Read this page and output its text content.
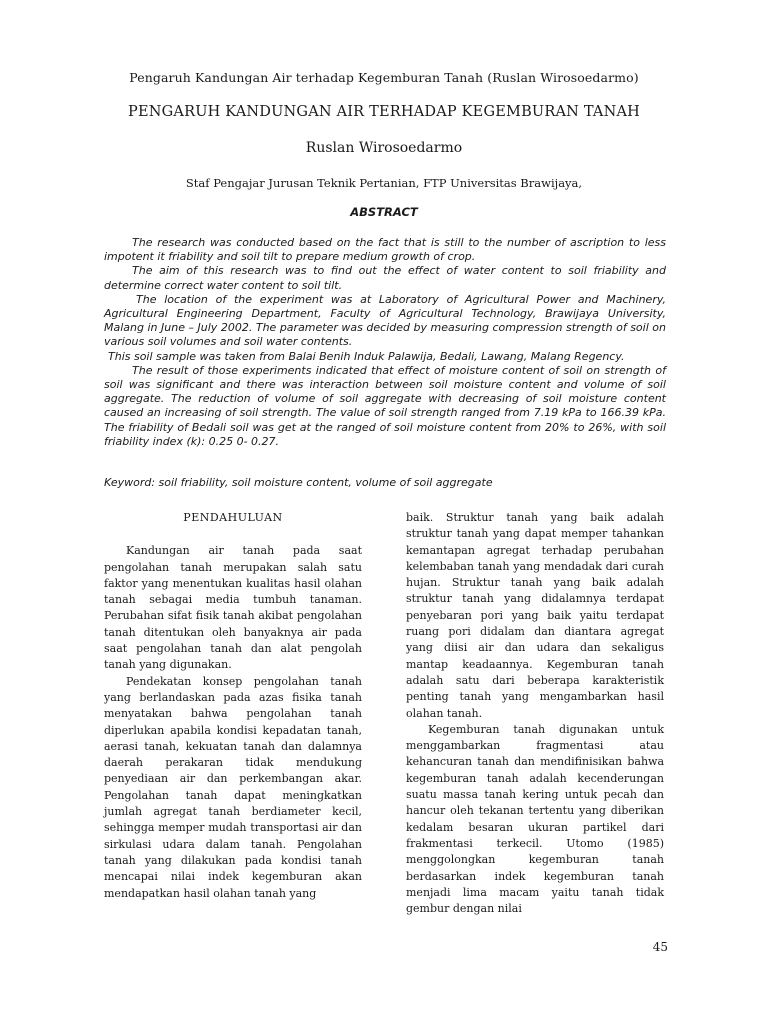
Pengaruh Kandungan Air terhadap Kegemburan Tanah (Ruslan Wirosoedarmo)
PENGARUH KANDUNGAN AIR TERHADAP KEGEMBURAN TANAH
Ruslan Wirosoedarmo
Staf Pengajar Jurusan Teknik Pertanian, FTP Universitas Brawijaya,
ABSTRACT

The research was conducted based on the fact that is still to the number of ascription to less impotent it friability and soil tilt to prepare medium growth of crop.

The aim of this research was to find out the effect of water content to soil friability and determine correct water content to soil tilt.

The location of the experiment was at Laboratory of Agricultural Power and Machinery, Agricultural Engineering Department, Faculty of Agricultural Technology, Brawijaya University, Malang in June – July 2002. The parameter was decided by measuring compression strength of soil on various soil volumes and soil water contents.

This soil sample was taken from Balai Benih Induk Palawija, Bedali, Lawang, Malang Regency.

The result of those experiments indicated that effect of moisture content of soil on strength of soil was significant and there was interaction between soil moisture content and volume of soil aggregate. The reduction of volume of soil aggregate with decreasing of soil moisture content caused an increasing of soil strength. The value of soil strength ranged from 7.19 kPa to 166.39 kPa. The friability of Bedali soil was get at the ranged of soil moisture content from 20% to 26%, with soil friability index (k): 0.25 0- 0.27.

Keyword: soil friability, soil moisture content, volume of soil aggregate

PENDAHULUAN

Kandungan air tanah pada saat pengolahan tanah merupakan salah satu faktor yang menentukan kualitas hasil olahan tanah sebagai media tumbuh tanaman. Perubahan sifat fisik tanah akibat pengolahan tanah ditentukan oleh banyaknya air pada saat pengolahan tanah dan alat pengolah tanah yang digunakan.

Pendekatan konsep pengolahan tanah yang berlandaskan pada azas fisika tanah menyatakan bahwa pengolahan tanah diperlukan apabila kondisi kepadatan tanah, aerasi tanah, kekuatan tanah dan dalamnya daerah perakaran tidak mendukung penyediaan air dan perkembangan akar. Pengolahan tanah dapat meningkatkan jumlah agregat tanah berdiameter kecil, sehingga memper mudah transportasi air dan sirkulasi udara dalam tanah. Pengolahan tanah yang dilakukan pada kondisi tanah mencapai nilai indek kegemburan akan mendapatkan hasil olahan tanah yang

baik. Struktur tanah yang baik adalah struktur tanah yang dapat memper tahankan kemantapan agregat terhadap perubahan kelembaban tanah yang mendadak dari curah hujan. Struktur tanah yang baik adalah struktur tanah yang didalamnya terdapat penyebaran pori yang baik yaitu terdapat ruang pori didalam dan diantara agregat yang diisi air dan udara dan sekaligus mantap keadaannya. Kegemburan tanah adalah satu dari beberapa karakteristik penting tanah yang mengambarkan hasil olahan tanah.

Kegemburan tanah digunakan untuk menggambarkan fragmentasi atau kehancuran tanah dan mendifinisikan bahwa kegemburan tanah adalah kecenderungan suatu massa tanah kering untuk pecah dan hancur oleh tekanan tertentu yang diberikan kedalam besaran ukuran partikel dari frakmentasi terkecil. Utomo (1985) menggolongkan kegemburan tanah berdasarkan indek kegemburan tanah menjadi lima macam yaitu tanah tidak gembur dengan nilai

45
